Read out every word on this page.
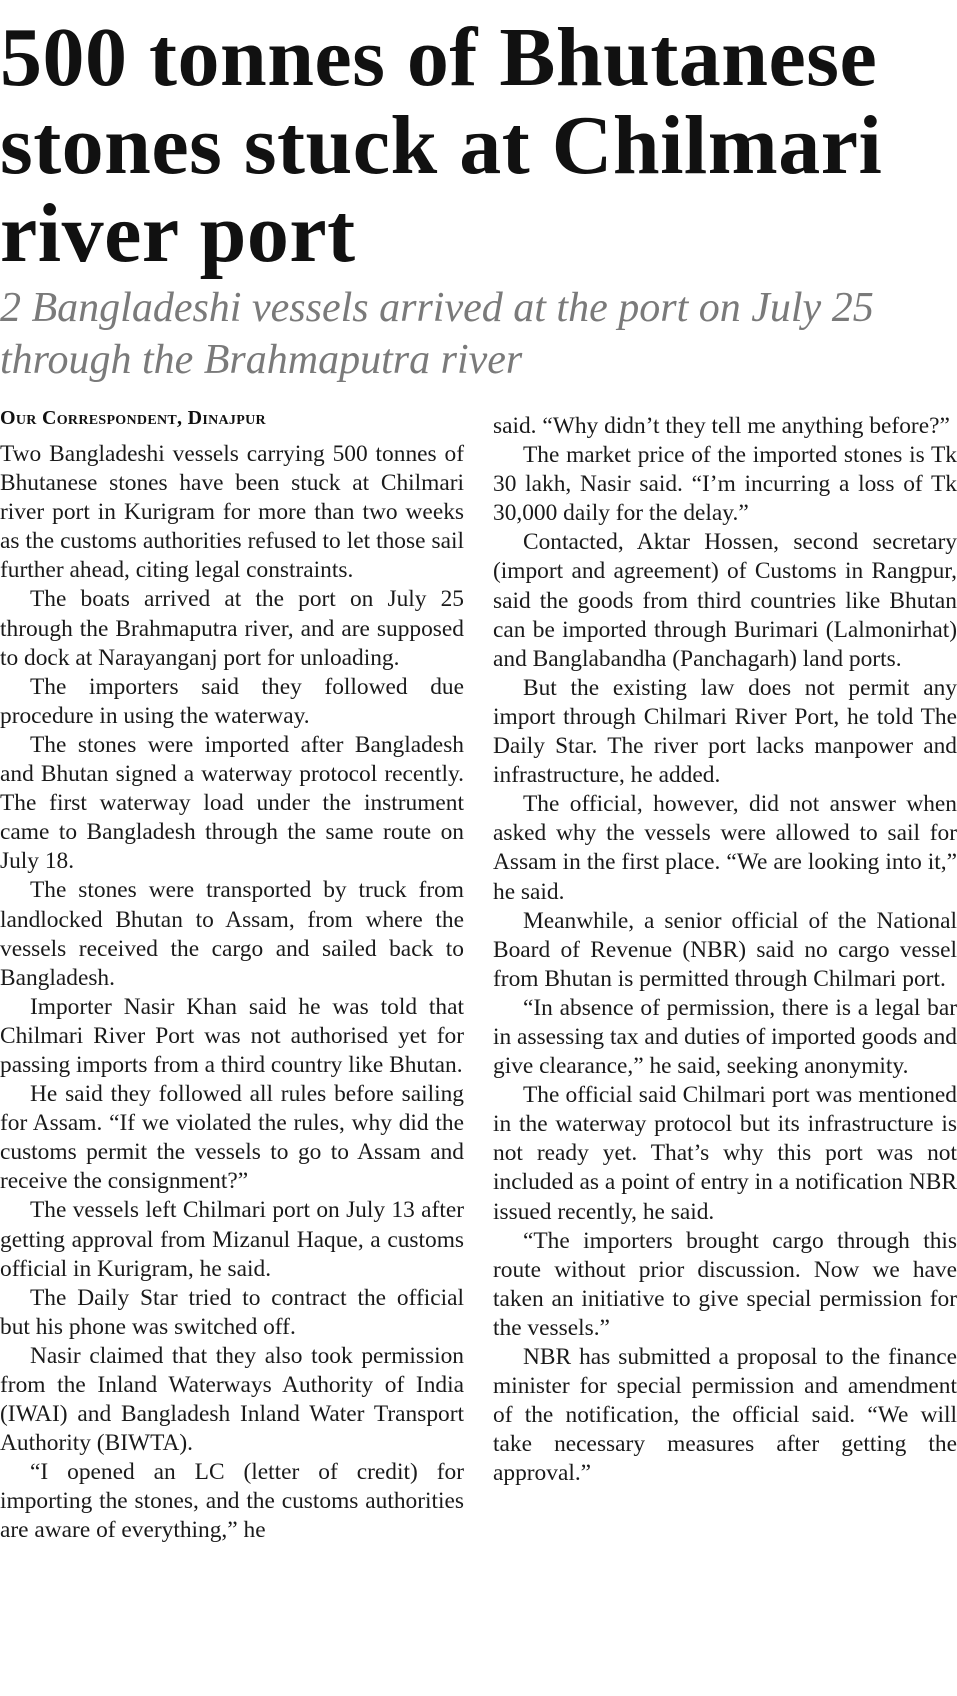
500 tonnes of Bhutanese stones stuck at Chilmari river port
2 Bangladeshi vessels arrived at the port on July 25 through the Brahmaputra river
Our Correspondent, Dinajpur

Two Bangladeshi vessels carrying 500 tonnes of Bhutanese stones have been stuck at Chilmari river port in Kurigram for more than two weeks as the customs authorities refused to let those sail further ahead, citing legal constraints.

The boats arrived at the port on July 25 through the Brahmaputra river, and are supposed to dock at Narayanganj port for unloading.

The importers said they followed due procedure in using the waterway.

The stones were imported after Bangladesh and Bhutan signed a waterway protocol recently. The first waterway load under the instrument came to Bangladesh through the same route on July 18.

The stones were transported by truck from landlocked Bhutan to Assam, from where the vessels received the cargo and sailed back to Bangladesh.

Importer Nasir Khan said he was told that Chilmari River Port was not authorised yet for passing imports from a third country like Bhutan.

He said they followed all rules before sailing for Assam. “If we violated the rules, why did the customs permit the vessels to go to Assam and receive the consignment?”

The vessels left Chilmari port on July 13 after getting approval from Mizanul Haque, a customs official in Kurigram, he said.

The Daily Star tried to contract the official but his phone was switched off.

Nasir claimed that they also took permission from the Inland Waterways Authority of India (IWAI) and Bangladesh Inland Water Transport Authority (BIWTA).

“I opened an LC (letter of credit) for importing the stones, and the customs authorities are aware of everything,” he

said. “Why didn’t they tell me anything before?”

The market price of the imported stones is Tk 30 lakh, Nasir said. “I’m incurring a loss of Tk 30,000 daily for the delay.”

Contacted, Aktar Hossen, second secretary (import and agreement) of Customs in Rangpur, said the goods from third countries like Bhutan can be imported through Burimari (Lalmonirhat) and Banglabandha (Panchagarh) land ports.

But the existing law does not permit any import through Chilmari River Port, he told The Daily Star. The river port lacks manpower and infrastructure, he added.

The official, however, did not answer when asked why the vessels were allowed to sail for Assam in the first place. “We are looking into it,” he said.

Meanwhile, a senior official of the National Board of Revenue (NBR) said no cargo vessel from Bhutan is permitted through Chilmari port.

“In absence of permission, there is a legal bar in assessing tax and duties of imported goods and give clearance,” he said, seeking anonymity.

The official said Chilmari port was mentioned in the waterway protocol but its infrastructure is not ready yet. That’s why this port was not included as a point of entry in a notification NBR issued recently, he said.

“The importers brought cargo through this route without prior discussion. Now we have taken an initiative to give special permission for the vessels.”

NBR has submitted a proposal to the finance minister for special permission and amendment of the notification, the official said. “We will take necessary measures after getting the approval.”
